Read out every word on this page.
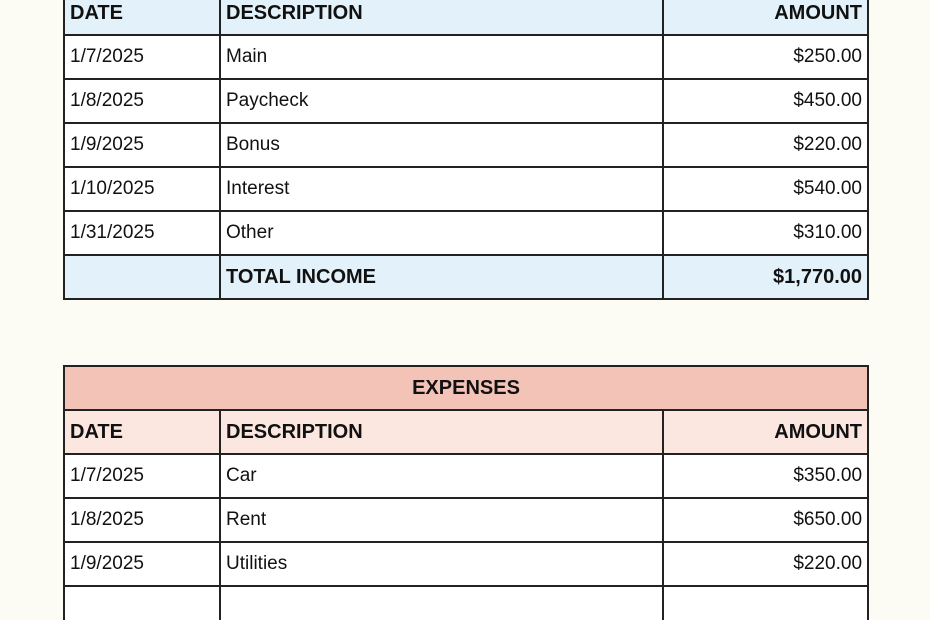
DATE	DESCRIPTION	AMOUNT
1/7/2025	Main	$250.00
1/8/2025	Paycheck	$450.00
1/9/2025	Bonus	$220.00
1/10/2025	Interest	$540.00
1/31/2025	Other	$310.00
	TOTAL INCOME	$1,770.00
EXPENSES		
DATE	DESCRIPTION	AMOUNT
1/7/2025	Car	$350.00
1/8/2025	Rent	$650.00
1/9/2025	Utilities	$220.00
